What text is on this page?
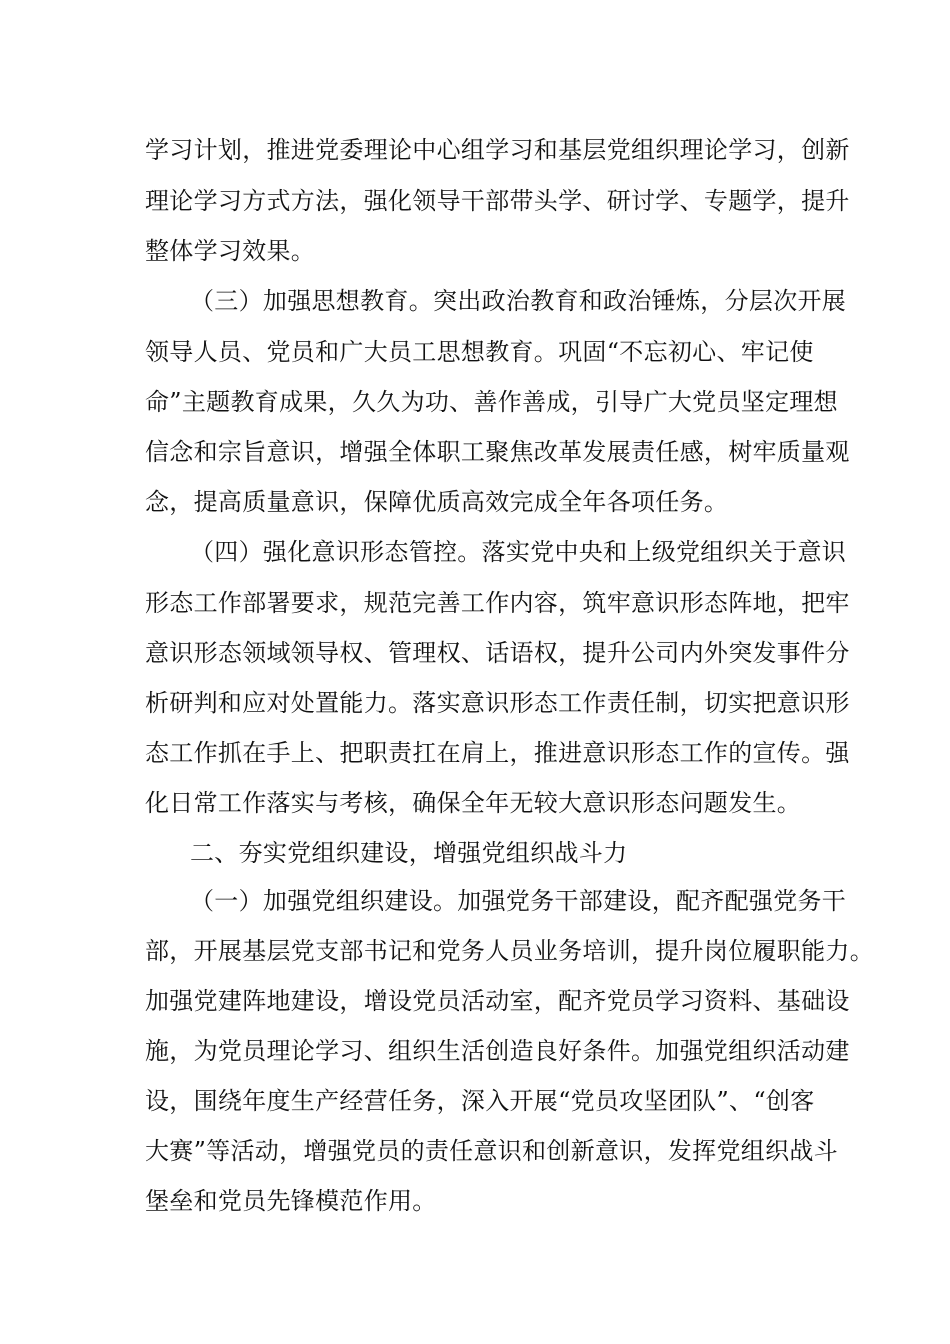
学习计划，推进党委理论中心组学习和基层党组织理论学习，创新
理论学习方式方法，强化领导干部带头学、研讨学、专题学，提升
整体学习效果。
（三）加强思想教育。突出政治教育和政治锤炼，分层次开展
领导人员、党员和广大员工思想教育。巩固“不忘初心、牢记使
命”主题教育成果，久久为功、善作善成，引导广大党员坚定理想
信念和宗旨意识，增强全体职工聚焦改革发展责任感，树牢质量观
念，提高质量意识，保障优质高效完成全年各项任务。
（四）强化意识形态管控。落实党中央和上级党组织关于意识
形态工作部署要求，规范完善工作内容，筑牢意识形态阵地，把牢
意识形态领域领导权、管理权、话语权，提升公司内外突发事件分
析研判和应对处置能力。落实意识形态工作责任制，切实把意识形
态工作抓在手上、把职责扛在肩上，推进意识形态工作的宣传。强
化日常工作落实与考核，确保全年无较大意识形态问题发生。
二、夯实党组织建设，增强党组织战斗力
（一）加强党组织建设。加强党务干部建设，配齐配强党务干
部，开展基层党支部书记和党务人员业务培训，提升岗位履职能力。
加强党建阵地建设，增设党员活动室，配齐党员学习资料、基础设
施，为党员理论学习、组织生活创造良好条件。加强党组织活动建
设，围绕年度生产经营任务，深入开展“党员攻坚团队”、“创客
大赛”等活动，增强党员的责任意识和创新意识，发挥党组织战斗
堡垒和党员先锋模范作用。
